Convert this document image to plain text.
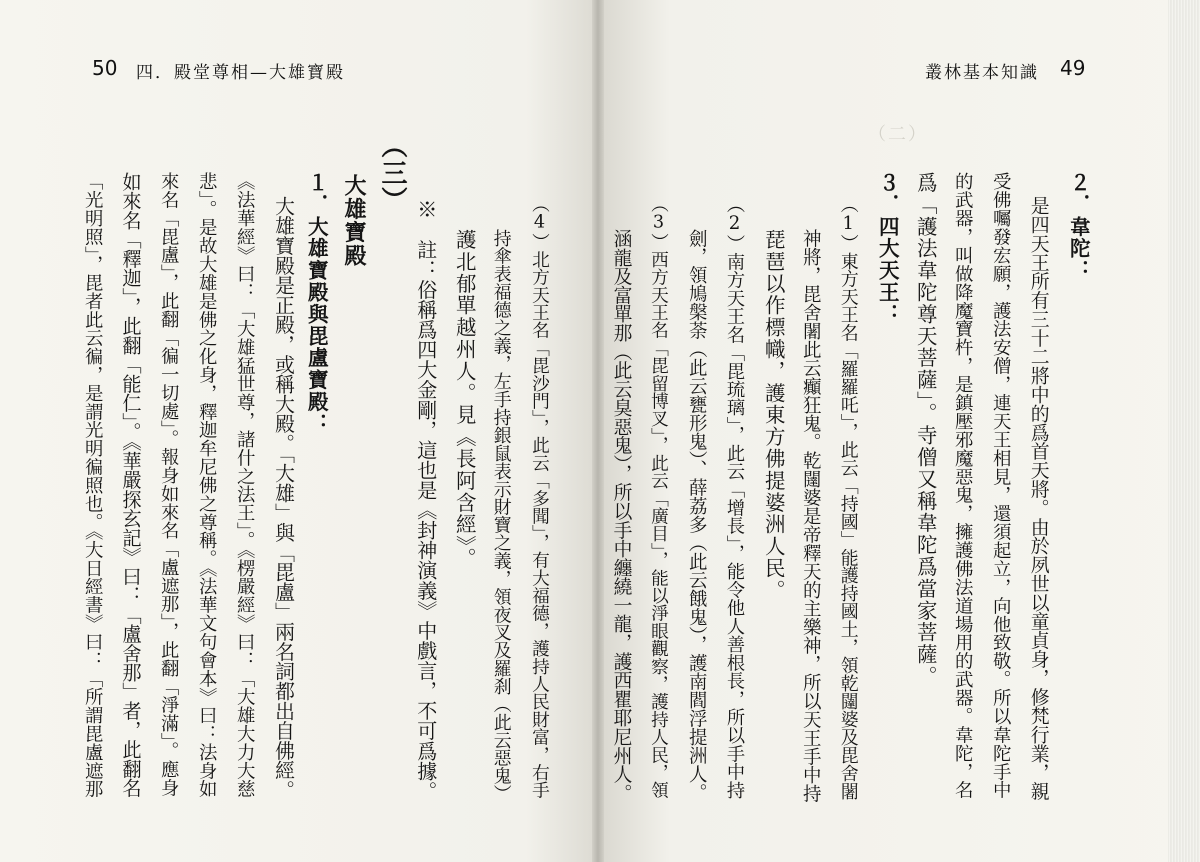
50 四．殿堂尊相—大雄寶殿	叢林基本知識 49
（二）
（三）
大雄寶殿
１．大雄寶殿與毘盧寶殿：
大雄寶殿是正殿，或稱大殿。「大雄」與「毘盧」兩名詞都出自佛經。
《法華經》曰：「大雄猛世尊，諸什之法王」。《楞嚴經》曰：「大雄大力大慈
悲」。是故大雄是佛之化身，釋迦牟尼佛之尊稱。《法華文句會本》曰：法身如
來名「毘盧」，此翻「徧一切處」。報身如來名「盧遮那」，此翻「淨滿」。應身
如來名「釋迦」，此翻「能仁」。《華嚴探玄記》曰：「盧舍那」者，此翻名
「光明照」，毘者此云徧，是謂光明徧照也。《大日經書》曰：「所謂毘盧遮那	（4）北方天王名「毘沙門」，此云「多聞」，有大福德，護持人民財富，右手
持傘表福德之義，左手持銀鼠表示財寶之義，領夜叉及羅刹（此云惡鬼）
護北郁單越州人。見《長阿含經》。
※　註：俗稱爲四大金剛，這也是《封神演義》中戲言，不可爲據。	２．韋陀：
是四天王所有三十二將中的爲首天將。由於夙世以童貞身，修梵行業，親
受佛囑發宏願，護法安僧，連天王相見，還須起立，向他致敬。所以韋陀手中
的武器，叫做降魔寶杵，是鎮壓邪魔惡鬼，擁護佛法道場用的武器。韋陀，名
爲「護法韋陀尊天菩薩」。寺僧又稱韋陀爲當家菩薩。
３．四大天王：
（1）東方天王名「羅羅吒」，此云「持國」能護持國土，領乾闥婆及毘舍闍
神將，毘舍闍此云癲狂鬼。乾闥婆是帝釋天的主樂神，所以天王手中持
琵琶以作標幟，護東方佛提婆洲人民。
（2）南方天王名「毘琉璃」，此云「增長」，能令他人善根長，所以手中持
劍，領鳩槃荼（此云甕形鬼）、薛荔多（此云餓鬼），護南閻浮提洲人。
（3）西方天王名「毘留博叉」，此云「廣目」，能以淨眼觀察，護持人民，領
涵龍及富單那（此云臭惡鬼），所以手中纏繞一龍，護西瞿耶尼州人。
